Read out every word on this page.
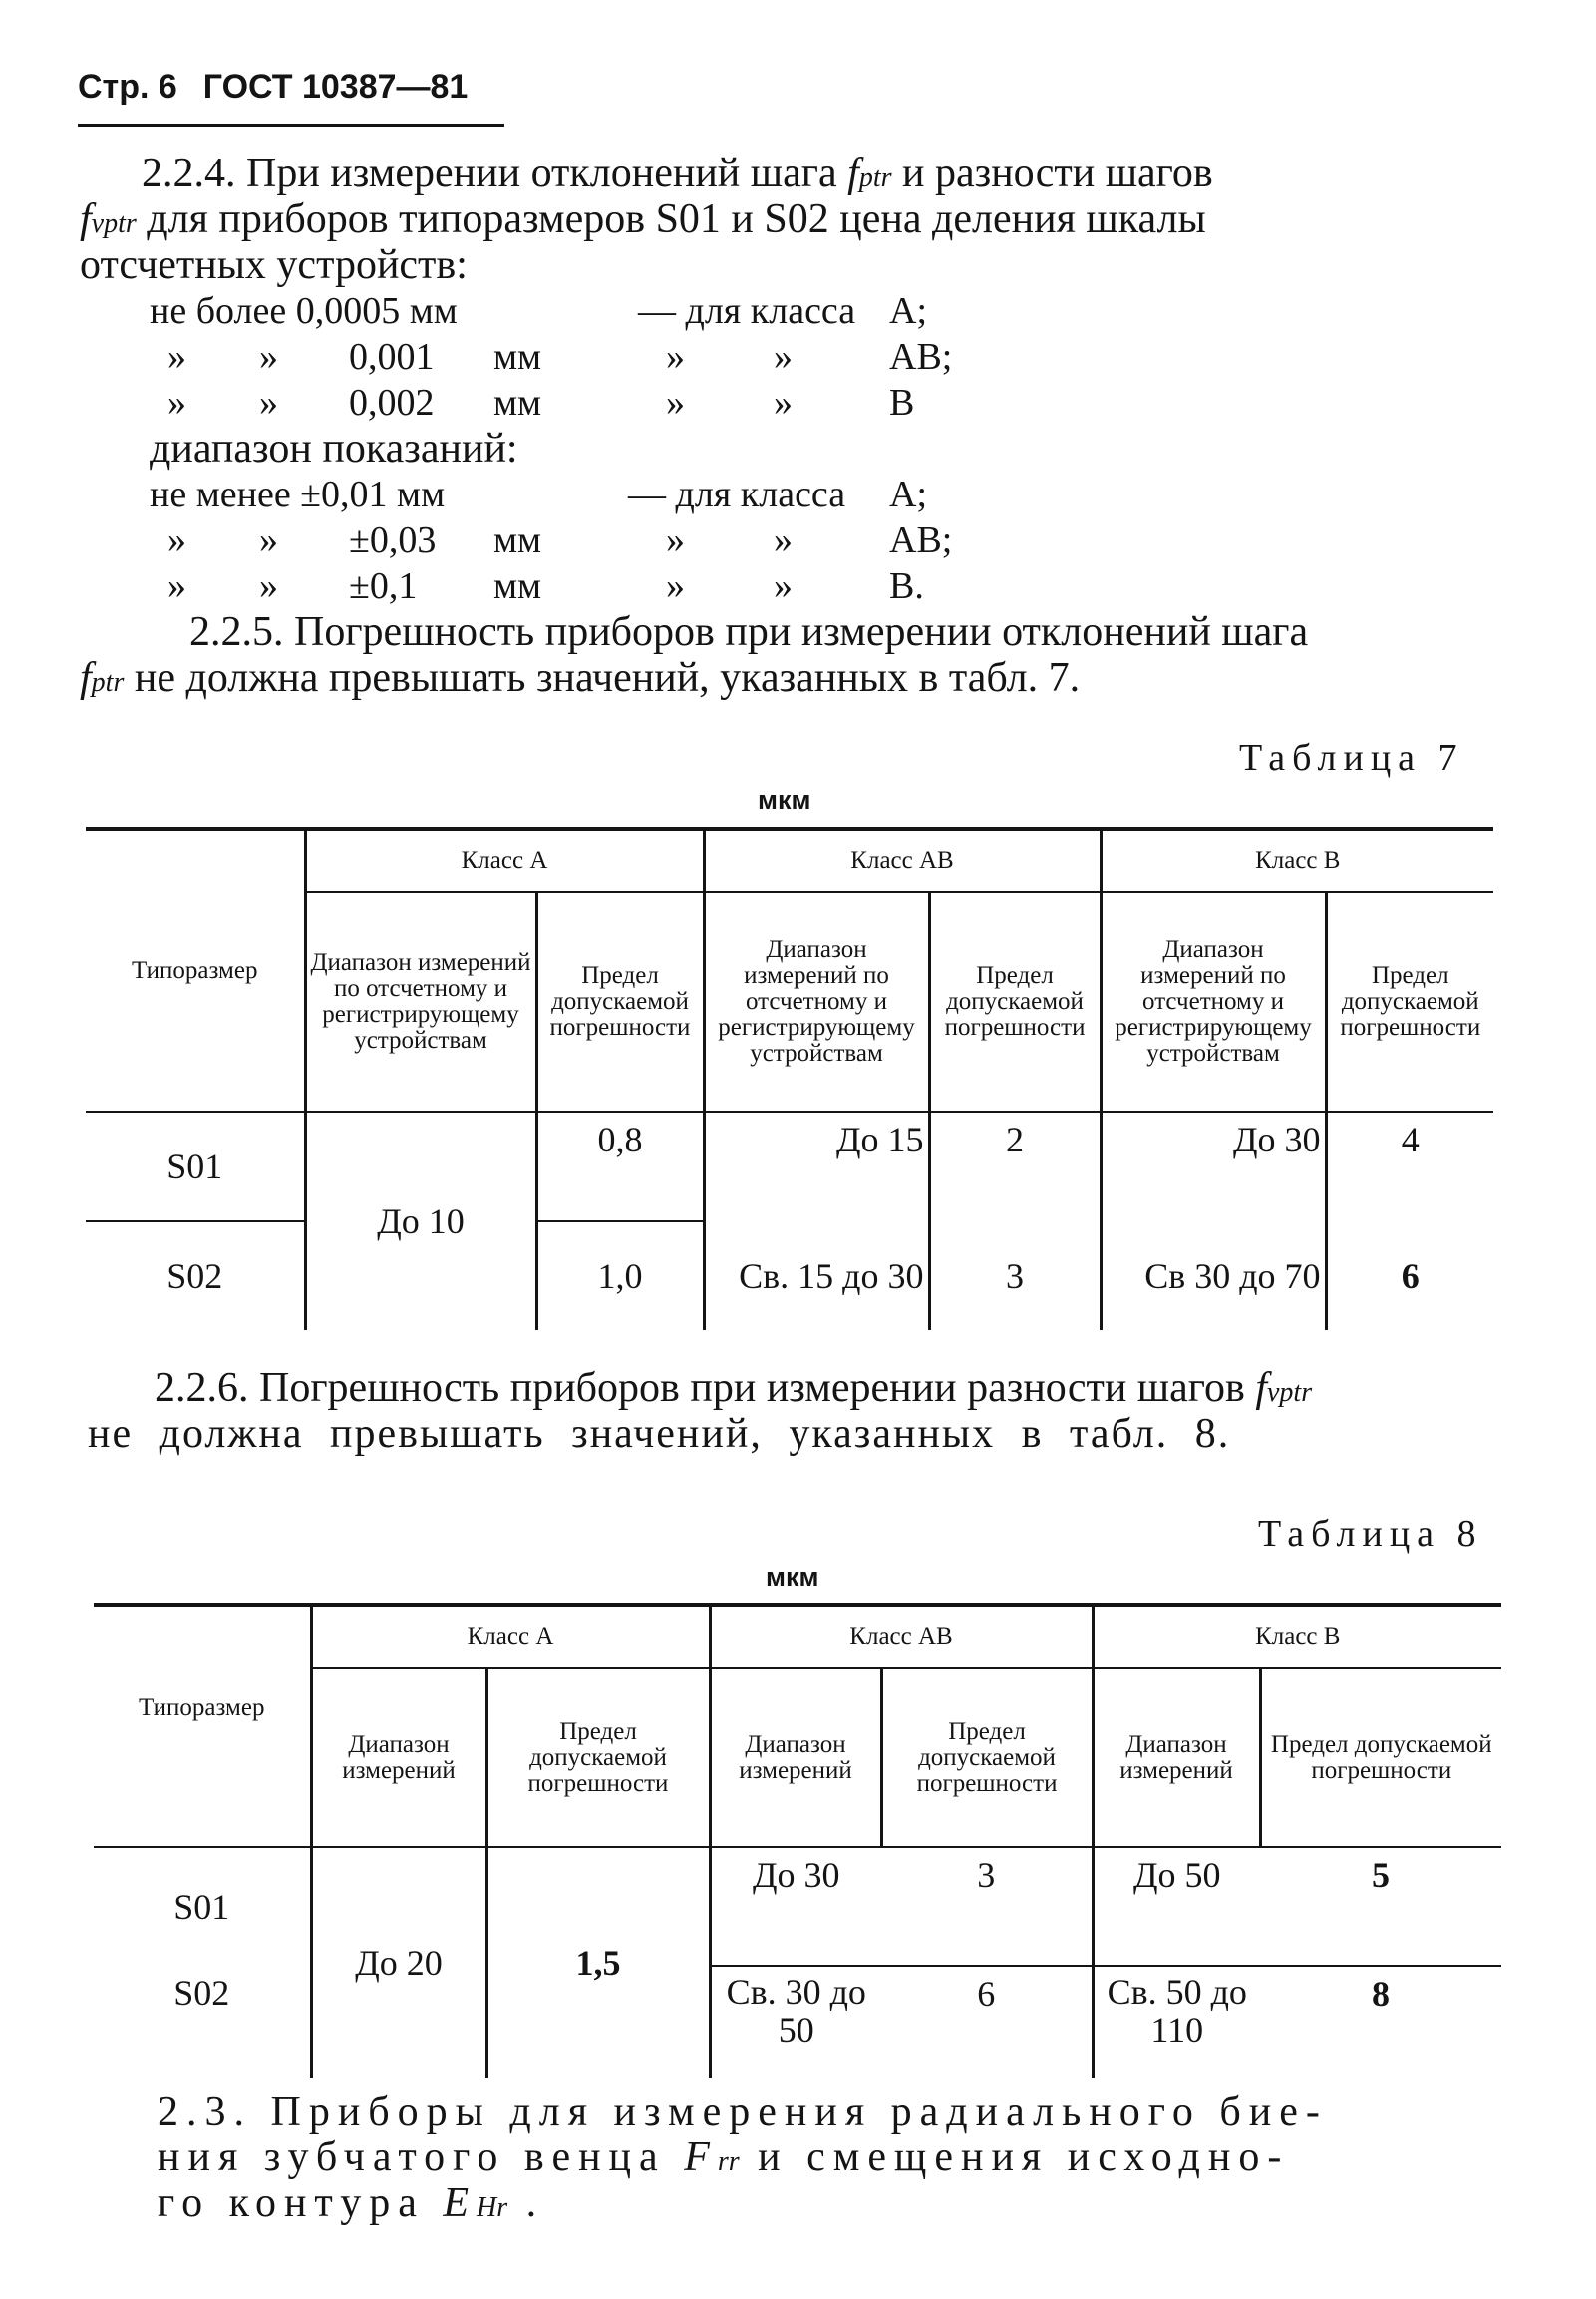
Стр. 6 ГОСТ 10387—81
2.2.4. При измерении отклонений шага fptr и разности шагов
fvptr для приборов типоразмеров S01 и S02 цена деления шкалы
отсчетных устройств:
не более 0,0005 мм	— для класса А;
» » 0,001 мм	» »	АВ;
» » 0,002 мм	» »	В
диапазон показаний:
не менее ±0,01 мм	— для класса А;
» » ±0,03 мм	» »	АВ;
» » ±0,1 мм	» »	В.
2.2.5. Погрешность приборов при измерении отклонений шага
fptr не должна превышать значений, указанных в табл. 7.
Таблица 7
мкм
Типоразмер	Класс А		Класс АВ		Класс В	
	Диапазон измерений по отсчетному и регистрирующему устройствам	Предел допускаемой погрешности	Диапазон измерений по отсчетному и регистрирующему устройствам	Предел допускаемой погрешности	Диапазон измерений по отсчетному и регистрирующему устройствам	Предел допускаемой погрешности
S01	До 10	0,8	До 15	2	До 30	4
S02		1,0	Св. 15 до 30	3	Св 30 до 70	6
2.2.6. Погрешность приборов при измерении разности шагов fvptr
не должна превышать значений, указанных в табл. 8.
Таблица 8
мкм
Типоразмер	Класс А		Класс АВ		Класс В	
	Диапазон измерений	Предел допускаемой погрешности	Диапазон измерений	Предел допускаемой погрешности	Диапазон измерений	Предел допускаемой погрешности
S01	До 20	1,5	До 30	3	До 50	5
S02			Св. 30 до 50	6	Св. 50 до 110	8
2.3. Приборы для измерения радиального бие-
ния зубчатого венца Frr и смещения исходно-
го контура EHr .
